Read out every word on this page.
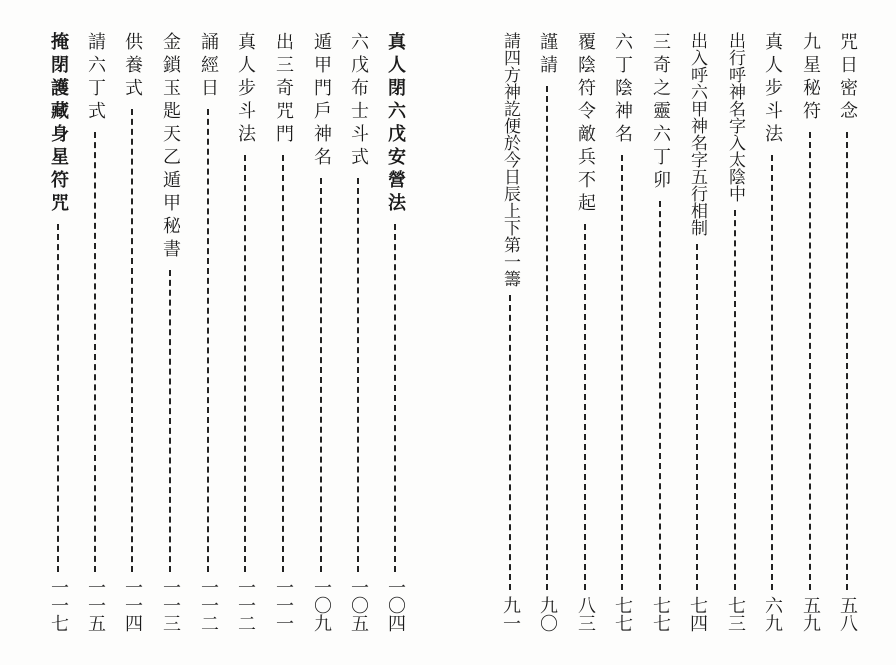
真人閉六戊安營法
一〇四
六戊布士斗式
一〇五
遁甲門戶神名
一〇九
出三奇咒門
一一一
真人步斗法
一一二
誦經日
一一二
金鎖玉匙天乙遁甲秘書
一一三
供養式
一一四
請六丁式
一一五
掩閉護藏身星符咒
一一七
咒日密念
五八
九星秘符
五九
真人步斗法
六九
出行呼神名字入太陰中
七三
出入呼六甲神名字五行相制
七四
三奇之靈六丁卯
七七
六丁陰神名
七七
覆陰符令敵兵不起
八三
謹請
九〇
請四方神訖便於今日辰上下第一籌
九一
